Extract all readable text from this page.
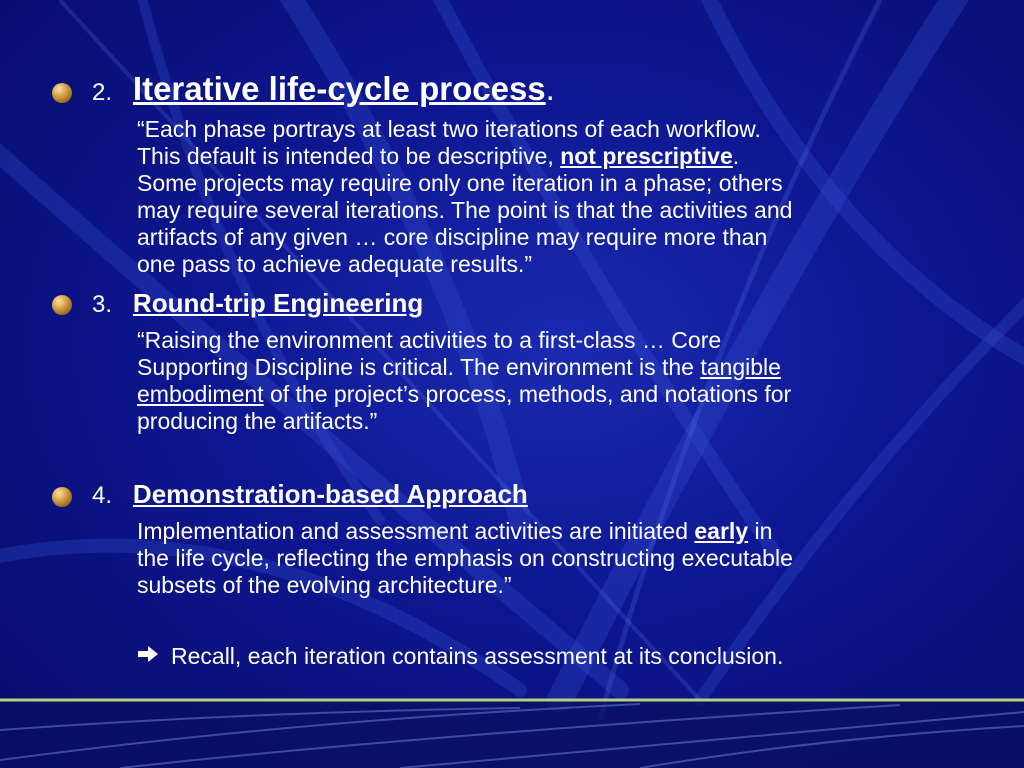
2. Iterative life-cycle process.
“Each phase portrays at least two iterations of each workflow.
This default is intended to be descriptive, not prescriptive.
Some projects may require only one iteration in a phase; others
may require several iterations. The point is that the activities and
artifacts of any given … core discipline may require more than
one pass to achieve adequate results.”
3. Round-trip Engineering
“Raising the environment activities to a first-class … Core
Supporting Discipline is critical. The environment is the tangible
embodiment of the project’s process, methods, and notations for
producing the artifacts.”
4. Demonstration-based Approach
Implementation and assessment activities are initiated early in
the life cycle, reflecting the emphasis on constructing executable
subsets of the evolving architecture.”
Recall, each iteration contains assessment at its conclusion.
